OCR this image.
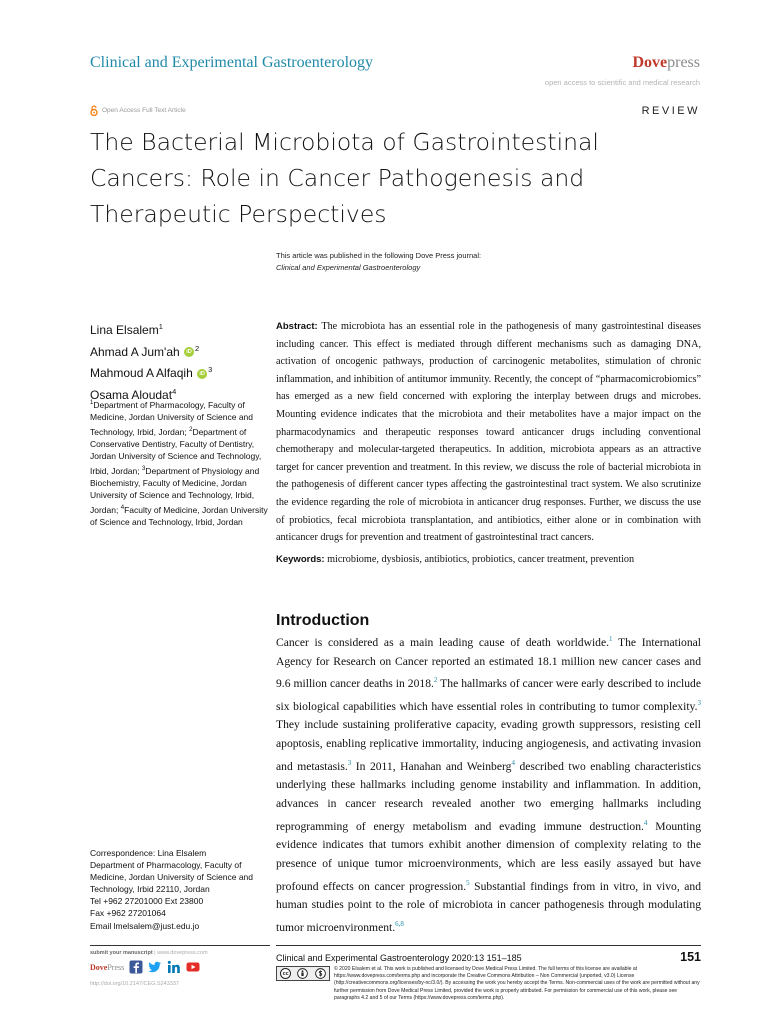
Clinical and Experimental Gastroenterology	Dovepress
open access to scientific and medical research
Open Access Full Text Article	REVIEW
The Bacterial Microbiota of Gastrointestinal Cancers: Role in Cancer Pathogenesis and Therapeutic Perspectives
This article was published in the following Dove Press journal:
Clinical and Experimental Gastroenterology
Lina Elsalem$^1$
Ahmad A Jum'ah iD $^2$
Mahmoud A Alfaqih iD $^3$
Osama Aloudat$^4$
$^1$Department of Pharmacology, Faculty of Medicine, Jordan University of Science and Technology, Irbid, Jordan; $^2$Department of Conservative Dentistry, Faculty of Dentistry, Jordan University of Science and Technology, Irbid, Jordan; $^3$Department of Physiology and Biochemistry, Faculty of Medicine, Jordan University of Science and Technology, Irbid, Jordan; $^4$Faculty of Medicine, Jordan University of Science and Technology, Irbid, Jordan
Abstract: The microbiota has an essential role in the pathogenesis of many gastrointestinal diseases including cancer. This effect is mediated through different mechanisms such as damaging DNA, activation of oncogenic pathways, production of carcinogenic metabolites, stimulation of chronic inflammation, and inhibition of antitumor immunity. Recently, the concept of “pharmacomicrobiomics” has emerged as a new field concerned with exploring the interplay between drugs and microbes. Mounting evidence indicates that the microbiota and their metabolites have a major impact on the pharmacodynamics and therapeutic responses toward anticancer drugs including conventional chemotherapy and molecular-targeted therapeutics. In addition, microbiota appears as an attractive target for cancer prevention and treatment. In this review, we discuss the role of bacterial microbiota in the pathogenesis of different cancer types affecting the gastrointestinal tract system. We also scrutinize the evidence regarding the role of microbiota in anticancer drug responses. Further, we discuss the use of probiotics, fecal microbiota transplantation, and antibiotics, either alone or in combination with anticancer drugs for prevention and treatment of gastrointestinal tract cancers.
Keywords: microbiome, dysbiosis, antibiotics, probiotics, cancer treatment, prevention
Introduction

Cancer is considered as a main leading cause of death worldwide.$^1$ The International Agency for Research on Cancer reported an estimated 18.1 million new cancer cases and 9.6 million cancer deaths in 2018.$^2$ The hallmarks of cancer were early described to include six biological capabilities which have essential roles in contributing to tumor complexity.$^3$ They include sustaining proliferative capacity, evading growth suppressors, resisting cell apoptosis, enabling replicative immortality, inducing angiogenesis, and activating invasion and metastasis.$^3$ In 2011, Hanahan and Weinberg$^4$ described two enabling characteristics underlying these hallmarks including genome instability and inflammation. In addition, advances in cancer research revealed another two emerging hallmarks including reprogramming of energy metabolism and evading immune destruction.$^4$ Mounting evidence indicates that tumors exhibit another dimension of complexity relating to the presence of unique tumor microenvironments, which are less easily assayed but have profound effects on cancer progression.$^5$ Substantial findings from in vitro, in vivo, and human studies point to the role of microbiota in cancer pathogenesis through modulating tumor microenvironment.$^{6,8}$

Correspondence: Lina Elsalem
Department of Pharmacology, Faculty of Medicine, Jordan University of Science and Technology, Irbid 22110, Jordan
Tel +962 27201000 Ext 23800
Fax +962 27201064
Email lmelsalem@just.edu.jo
submit your manuscript | www.dovepress.com
DovePress
http://doi.org/10.2147/CEG.S243337
Clinical and Experimental Gastroenterology 2020:13 151–185	151
cc
© 2020 Elsalem et al. This work is published and licensed by Dove Medical Press Limited. The full terms of this license are available at https://www.dovepress.com/terms.php and incorporate the Creative Commons Attribution – Non Commercial (unported, v3.0) License (http://creativecommons.org/licenses/by-nc/3.0/). By accessing the work you hereby accept the Terms. Non-commercial uses of the work are permitted without any further permission from Dove Medical Press Limited, provided the work is properly attributed. For permission for commercial use of this work, please see paragraphs 4.2 and 5 of our Terms (https://www.dovepress.com/terms.php).
